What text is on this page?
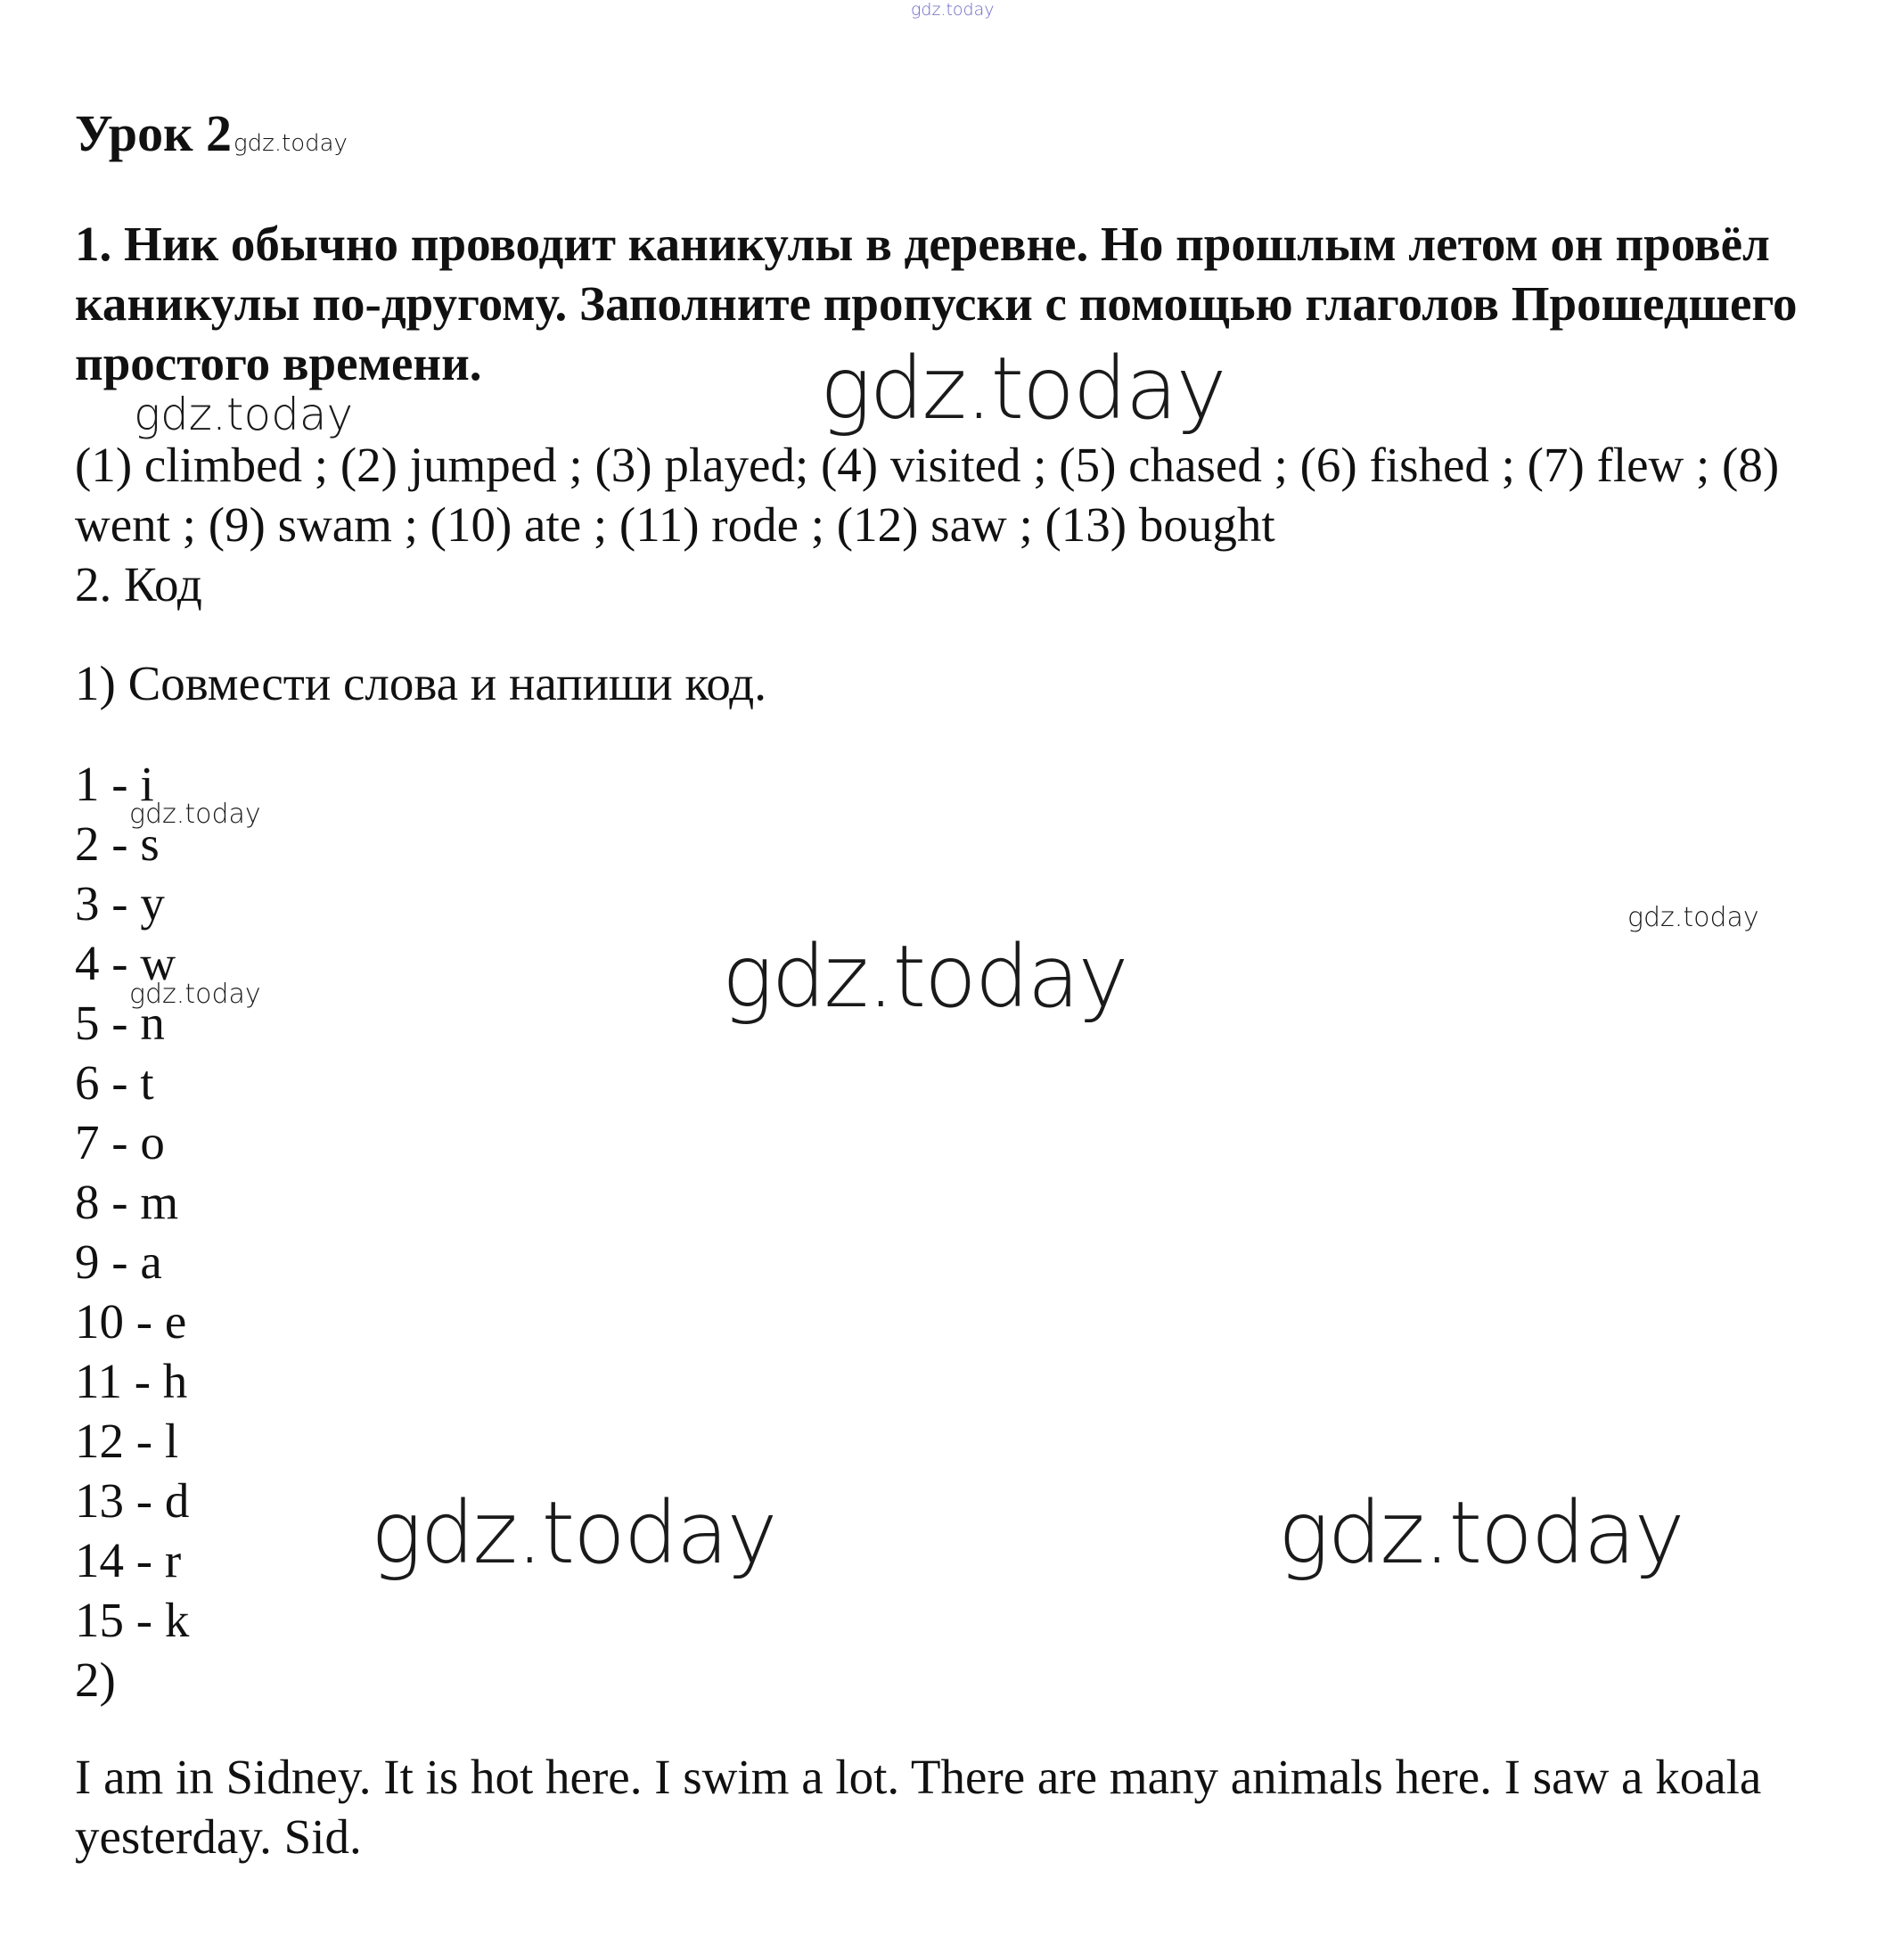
gdz.today

Урок 2gdz.today

1. Ник обычно проводит каникулы в деревне. Но прошлым летом он провёл каникулы по-другому. Заполните пропуски с помощью глаголов Прошедшего простого времени.

(1) climbed ; (2) jumped ; (3) played; (4) visited ; (5) chased ; (6) fished ; (7) flew ; (8) went ; (9) swam ; (10) ate ; (11) rode ; (12) saw ; (13) bought

2. Код

1) Совмести слова и напиши код.

1 - i
2 - s
3 - y
4 - w
5 - n
6 - t
7 - o
8 - m
9 - a
10 - e
11 - h
12 - l
13 - d
14 - r
15 - k
2)

I am in Sidney. It is hot here. I swim a lot. There are many animals here. I saw a koala yesterday. Sid.

gdz.today

gdz.today

gdz.today

gdz.today

gdz.today

gdz.today

gdz.today	gdz.today
